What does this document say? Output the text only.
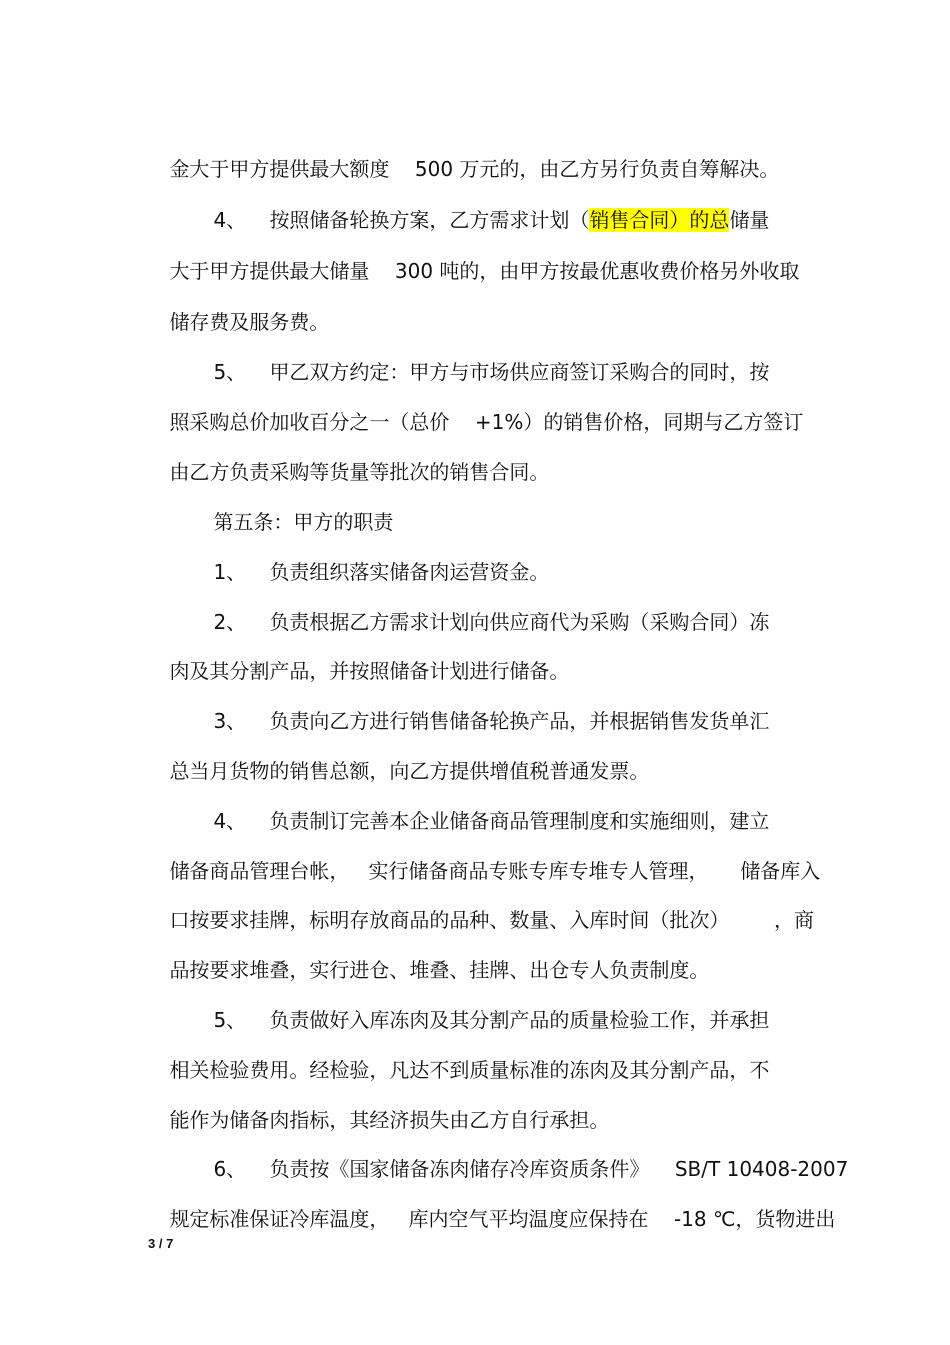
金大于甲方提供最大额度    500 万元的，由乙方另行负责自筹解决。

4、 按照储备轮换方案，乙方需求计划（销售合同）的总储量

大于甲方提供最大储量    300 吨的，由甲方按最优惠收费价格另外收取

储存费及服务费。

5、 甲乙双方约定：甲方与市场供应商签订采购合的同时，按

照采购总价加收百分之一（总价    +1%）的销售价格，同期与乙方签订

由乙方负责采购等货量等批次的销售合同。

第五条：甲方的职责

1、 负责组织落实储备肉运营资金。

2、 负责根据乙方需求计划向供应商代为采购（采购合同）冻

肉及其分割产品，并按照储备计划进行储备。

3、 负责向乙方进行销售储备轮换产品，并根据销售发货单汇

总当月货物的销售总额，向乙方提供增值税普通发票。

4、 负责制订完善本企业储备商品管理制度和实施细则，建立

储备商品管理台帐，   实行储备商品专账专库专堆专人管理，     储备库入

口按要求挂牌，标明存放商品的品种、数量、入库时间（批次）       ，商

品按要求堆叠，实行进仓、堆叠、挂牌、出仓专人负责制度。

5、 负责做好入库冻肉及其分割产品的质量检验工作，并承担

相关检验费用。经检验，凡达不到质量标准的冻肉及其分割产品，不

能作为储备肉指标，其经济损失由乙方自行承担。

6、 负责按《国家储备冻肉储存冷库资质条件》    SB/T 10408-2007

规定标准保证冷库温度，   库内空气平均温度应保持在    -18 ℃，货物进出

3 / 7
